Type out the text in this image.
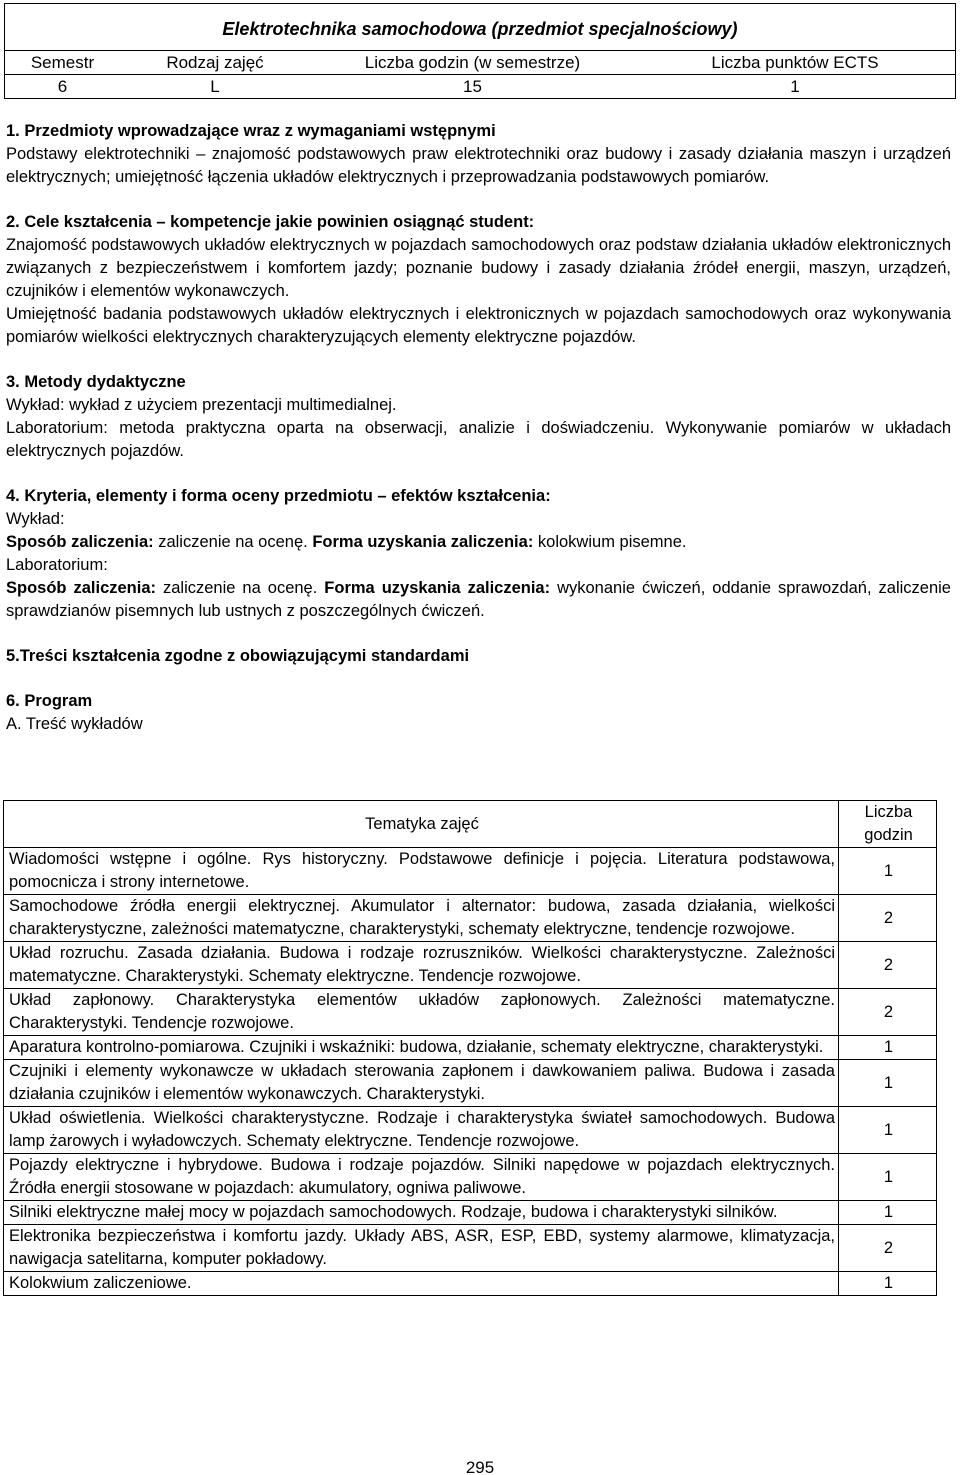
Elektrotechnika samochodowa (przedmiot specjalnościowy)

Semestr	Rodzaj zajęć	Liczba godzin (w semestrze)	Liczba punktów ECTS

6	L	15	1

1. Przedmioty wprowadzające wraz z wymaganiami wstępnymi

Podstawy elektrotechniki – znajomość podstawowych praw elektrotechniki oraz budowy i zasady działania maszyn i urządzeń elektrycznych; umiejętność łączenia układów elektrycznych i przeprowadzania podstawowych pomiarów.

2. Cele kształcenia – kompetencje jakie powinien osiągnąć student:

Znajomość podstawowych układów elektrycznych w pojazdach samochodowych oraz podstaw działania układów elektronicznych związanych z bezpieczeństwem i komfortem jazdy; poznanie budowy i zasady działania źródeł energii, maszyn, urządzeń, czujników i elementów wykonawczych.

Umiejętność badania podstawowych układów elektrycznych i elektronicznych w pojazdach samochodowych oraz wykonywania pomiarów wielkości elektrycznych charakteryzujących elementy elektryczne pojazdów.

3. Metody dydaktyczne

Wykład: wykład z użyciem prezentacji multimedialnej.

Laboratorium: metoda praktyczna oparta na obserwacji, analizie i doświadczeniu. Wykonywanie pomiarów w układach elektrycznych pojazdów.

4. Kryteria, elementy i forma oceny przedmiotu – efektów kształcenia:

Wykład:

Sposób zaliczenia: zaliczenie na ocenę. Forma uzyskania zaliczenia: kolokwium pisemne.

Laboratorium:

Sposób zaliczenia: zaliczenie na ocenę. Forma uzyskania zaliczenia: wykonanie ćwiczeń, oddanie sprawozdań, zaliczenie sprawdzianów pisemnych lub ustnych z poszczególnych ćwiczeń.

5.Treści kształcenia zgodne z obowiązującymi standardami

6. Program

A. Treść wykładów

Tematyka zajęć	Liczba godzin
Wiadomości wstępne i ogólne. Rys historyczny. Podstawowe definicje i pojęcia. Literatura podstawowa, pomocnicza i strony internetowe.	1
Samochodowe źródła energii elektrycznej. Akumulator i alternator: budowa, zasada działania, wielkości charakterystyczne, zależności matematyczne, charakterystyki, schematy elektryczne, tendencje rozwojowe.	2
Układ rozruchu. Zasada działania. Budowa i rodzaje rozruszników. Wielkości charakterystyczne. Zależności matematyczne. Charakterystyki. Schematy elektryczne. Tendencje rozwojowe.	2
Układ zapłonowy. Charakterystyka elementów układów zapłonowych. Zależności matematyczne. Charakterystyki. Tendencje rozwojowe.	2
Aparatura kontrolno-pomiarowa. Czujniki i wskaźniki: budowa, działanie, schematy elektryczne, charakterystyki.	1
Czujniki i elementy wykonawcze w układach sterowania zapłonem i dawkowaniem paliwa. Budowa i zasada działania czujników i elementów wykonawczych. Charakterystyki.	1
Układ oświetlenia. Wielkości charakterystyczne. Rodzaje i charakterystyka świateł samochodowych. Budowa lamp żarowych i wyładowczych. Schematy elektryczne. Tendencje rozwojowe.	1
Pojazdy elektryczne i hybrydowe. Budowa i rodzaje pojazdów. Silniki napędowe w pojazdach elektrycznych. Źródła energii stosowane w pojazdach: akumulatory, ogniwa paliwowe.	1
Silniki elektryczne małej mocy w pojazdach samochodowych. Rodzaje, budowa i charakterystyki silników.	1
Elektronika bezpieczeństwa i komfortu jazdy. Układy ABS, ASR, ESP, EBD, systemy alarmowe, klimatyzacja, nawigacja satelitarna, komputer pokładowy.	2
Kolokwium zaliczeniowe.	1
295
